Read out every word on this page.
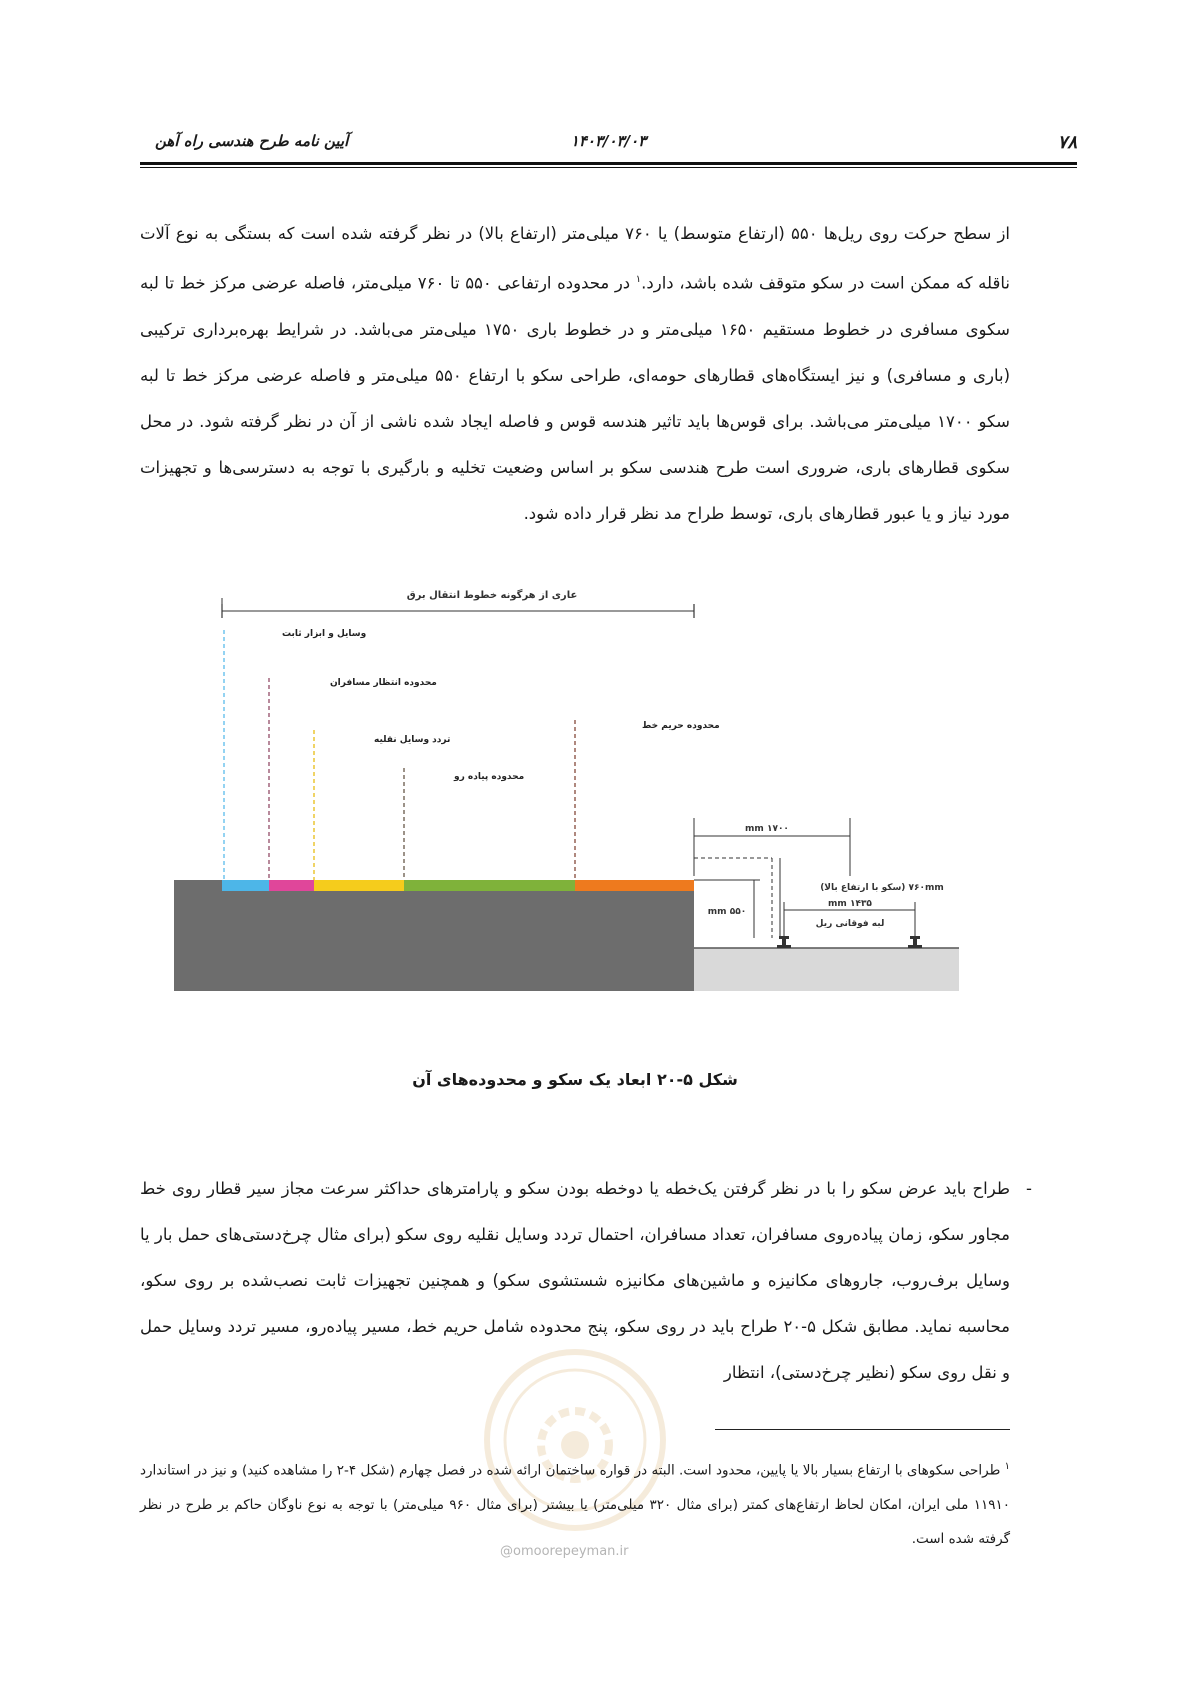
۷۸
۱۴۰۳/۰۳/۰۳
آیین نامه طرح هندسی راه آهن
از سطح حرکت روی ریل‌ها ۵۵۰ (ارتفاع متوسط) یا ۷۶۰ میلی‌متر (ارتفاع بالا) در نظر گرفته شده است که بستگی به نوع آلات ناقله که ممکن است در سکو متوقف شده باشد، دارد.$^۱$ در محدوده ارتفاعی ۵۵۰ تا ۷۶۰ میلی‌متر، فاصله عرضی مرکز خط تا لبه سکوی مسافری در خطوط مستقیم ۱۶۵۰ میلی‌متر و در خطوط باری ۱۷۵۰ میلی‌متر می‌باشد. در شرایط بهره‌برداری ترکیبی (باری و مسافری) و نیز ایستگاه‌های قطارهای حومه‌ای، طراحی سکو با ارتفاع ۵۵۰ میلی‌متر و فاصله عرضی مرکز خط تا لبه سکو ۱۷۰۰ میلی‌متر می‌باشد. برای قوس‌ها باید تاثیر هندسه قوس و فاصله ایجاد شده ناشی از آن در نظر گرفته شود. در محل سکوی قطارهای باری، ضروری است طرح هندسی سکو بر اساس وضعیت تخلیه و بارگیری با توجه به دسترسی‌ها و تجهیزات مورد نیاز و یا عبور قطارهای باری، توسط طراح مد نظر قرار داده شود.
عاری از هرگونه خطوط انتقال برق
وسایل و ابزار ثابت
محدوده انتظار مسافران
تردد وسایل نقلیه
محدوده پیاده رو
محدوده حریم خط
۱۷۰۰ mm
۵۵۰ mm
۷۶۰mm (سکو با ارتفاع بالا)
۱۴۳۵ mm
لبه فوقانی ریل
شکل ۵-۲۰ ابعاد یک سکو و محدوده‌های آن
-
طراح باید عرض سکو را با در نظر گرفتن یک‌خطه یا دوخطه بودن سکو و پارامترهای حداکثر سرعت مجاز سیر قطار روی خط مجاور سکو، زمان پیاده‌روی مسافران، تعداد مسافران، احتمال تردد وسایل نقلیه روی سکو (برای مثال چرخ‌دستی‌های حمل بار یا وسایل برف‌روب، جاروهای مکانیزه و ماشین‌های مکانیزه شستشوی سکو) و همچنین تجهیزات ثابت نصب‌شده بر روی سکو، محاسبه نماید. مطابق شکل ۵-۲۰ طراح باید در روی سکو، پنج محدوده شامل حریم خط، مسیر پیاده‌رو، مسیر تردد وسایل حمل و نقل روی سکو (نظیر چرخ‌دستی)، انتظار
@omoorepeyman.ir
$^۱$ طراحی سکوهای با ارتفاع بسیار بالا یا پایین، محدود است. البته در قواره ساختمان ارائه شده در فصل چهارم (شکل ۴-۲ را مشاهده کنید) و نیز در استاندارد ۱۱۹۱۰ ملی ایران، امکان لحاظ ارتفاع‌های کمتر (برای مثال ۳۲۰ میلی‌متر) یا بیشتر (برای مثال ۹۶۰ میلی‌متر) با توجه به نوع ناوگان حاکم بر طرح در نظر گرفته شده است.
